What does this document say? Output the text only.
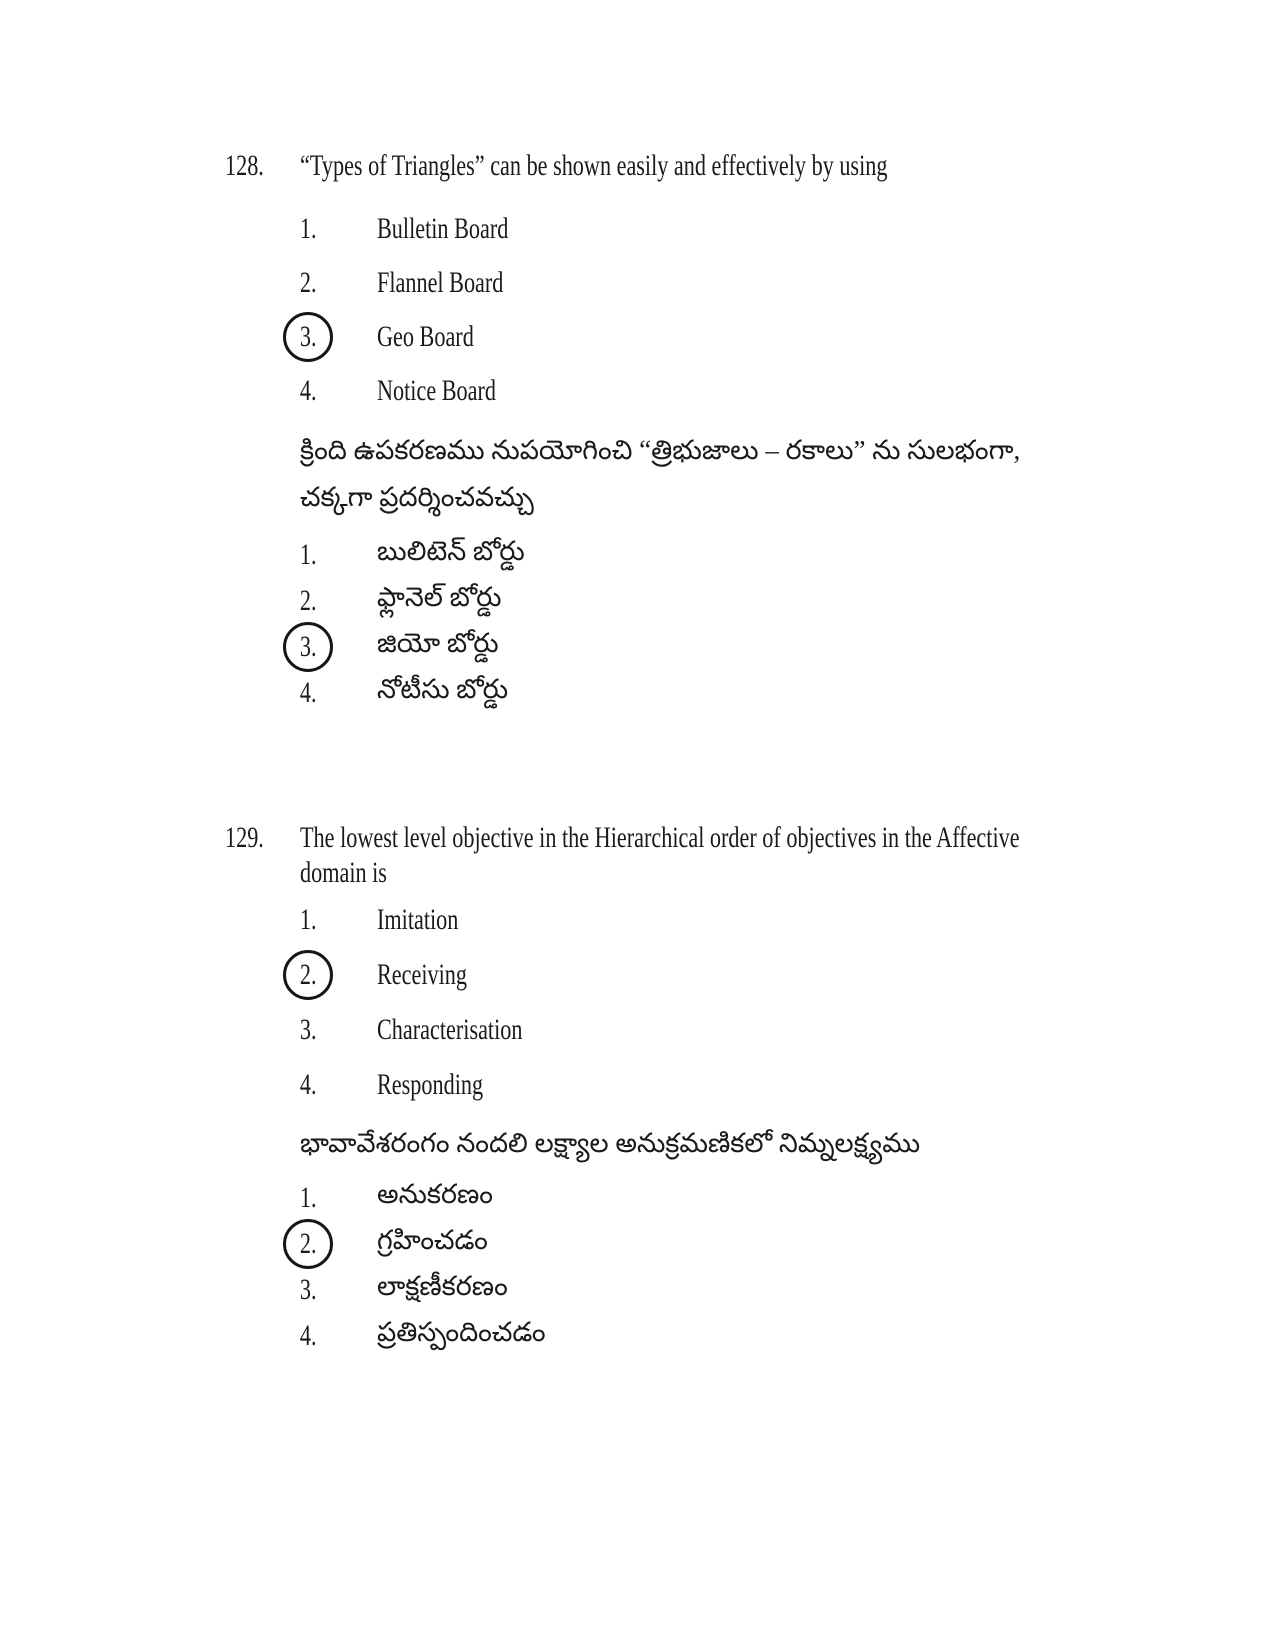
128.	“Types of Triangles” can be shown easily and effectively by using
1. Bulletin Board
2. Flannel Board
3. Geo Board
4. Notice Board
క్రింది ఉపకరణము నుపయోగించి “త్రిభుజాలు – రకాలు” ను సులభంగా, చక్కగా ప్రదర్శించవచ్చు
1. బులిటెన్ బోర్డు
2. ఫ్లానెల్ బోర్డు
3. జియో బోర్డు
4. నోటీసు బోర్డు
129.	The lowest level objective in the Hierarchical order of objectives in the Affective domain is
1. Imitation
2. Receiving
3. Characterisation
4. Responding
భావావేశరంగం నందలి లక్ష్యాల అనుక్రమణికలో నిమ్నలక్ష్యము
1. అనుకరణం
2. గ్రహించడం
3. లాక్షణీకరణం
4. ప్రతిస్పందించడం
